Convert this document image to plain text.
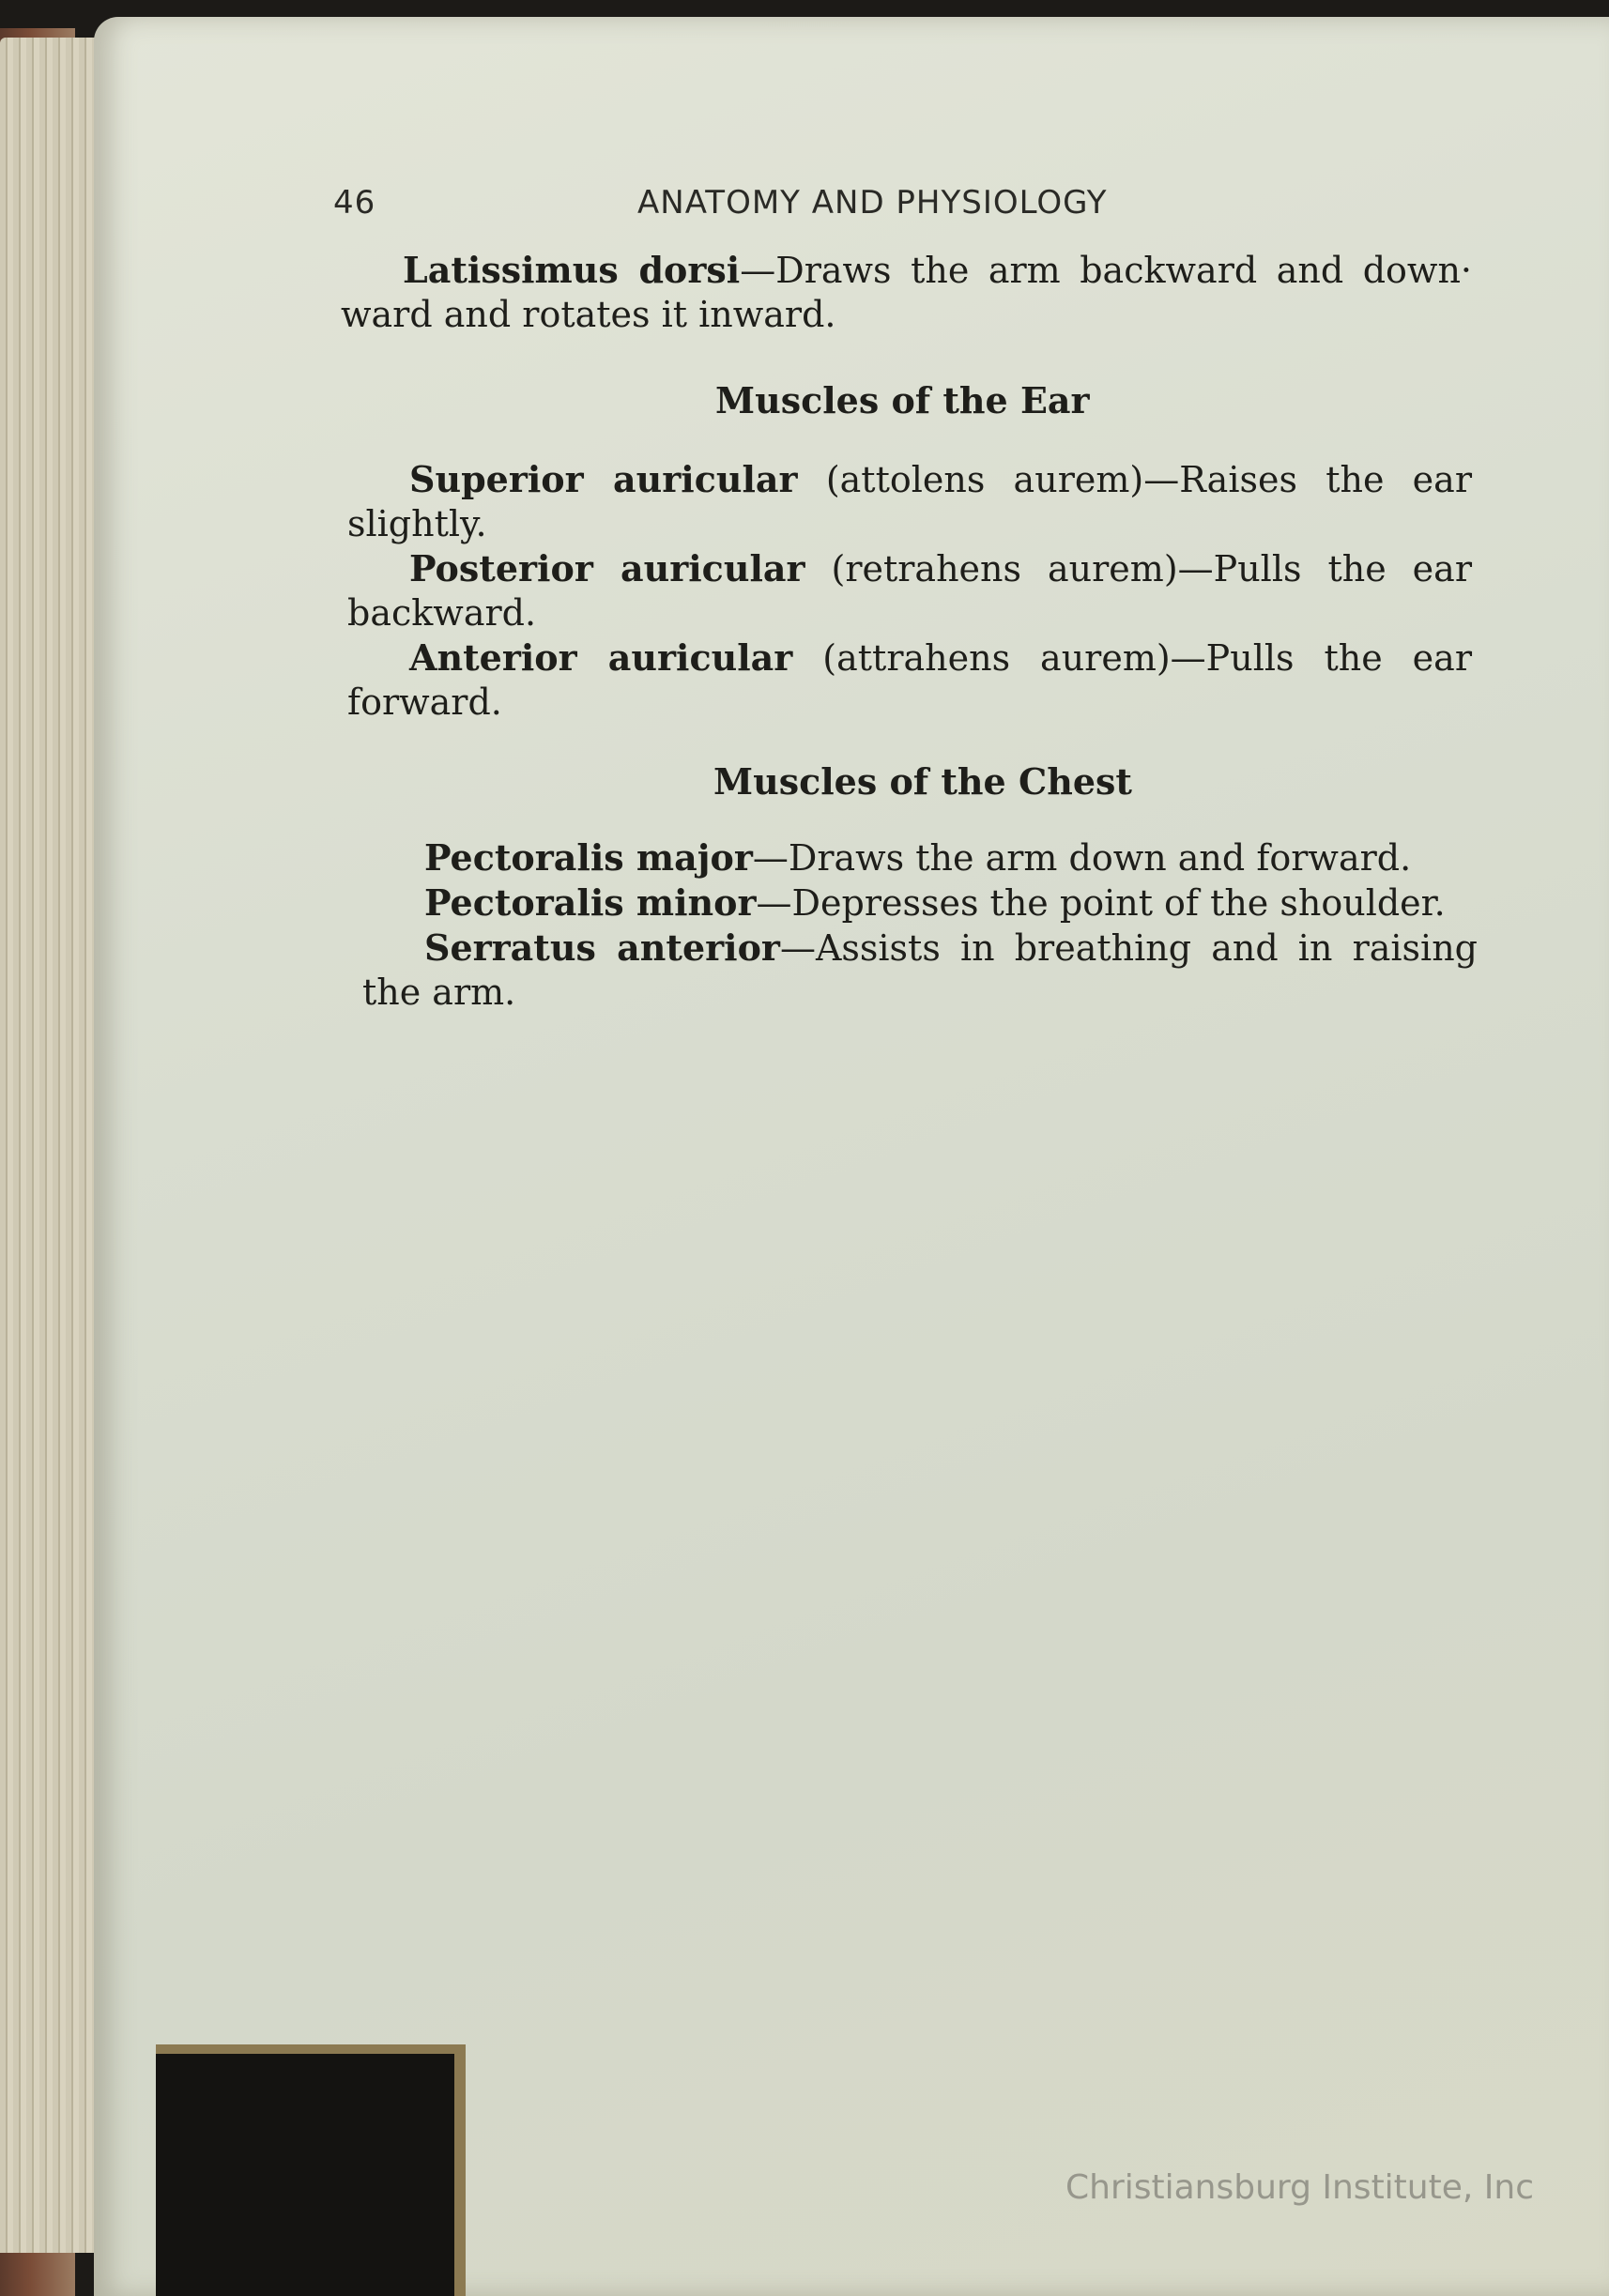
46	ANATOMY AND PHYSIOLOGY
Latissimus dorsi—Draws the arm backward and down·
ward and rotates it inward.
Muscles of the Ear
Superior auricular (attolens aurem)—Raises the ear
slightly.
Posterior auricular (retrahens aurem)—Pulls the ear
backward.
Anterior auricular (attrahens aurem)—Pulls the ear
forward.
Muscles of the Chest
Pectoralis major—Draws the arm down and forward.
Pectoralis minor—Depresses the point of the shoulder.
Serratus anterior—Assists in breathing and in raising
the arm.
Christiansburg Institute, Inc
